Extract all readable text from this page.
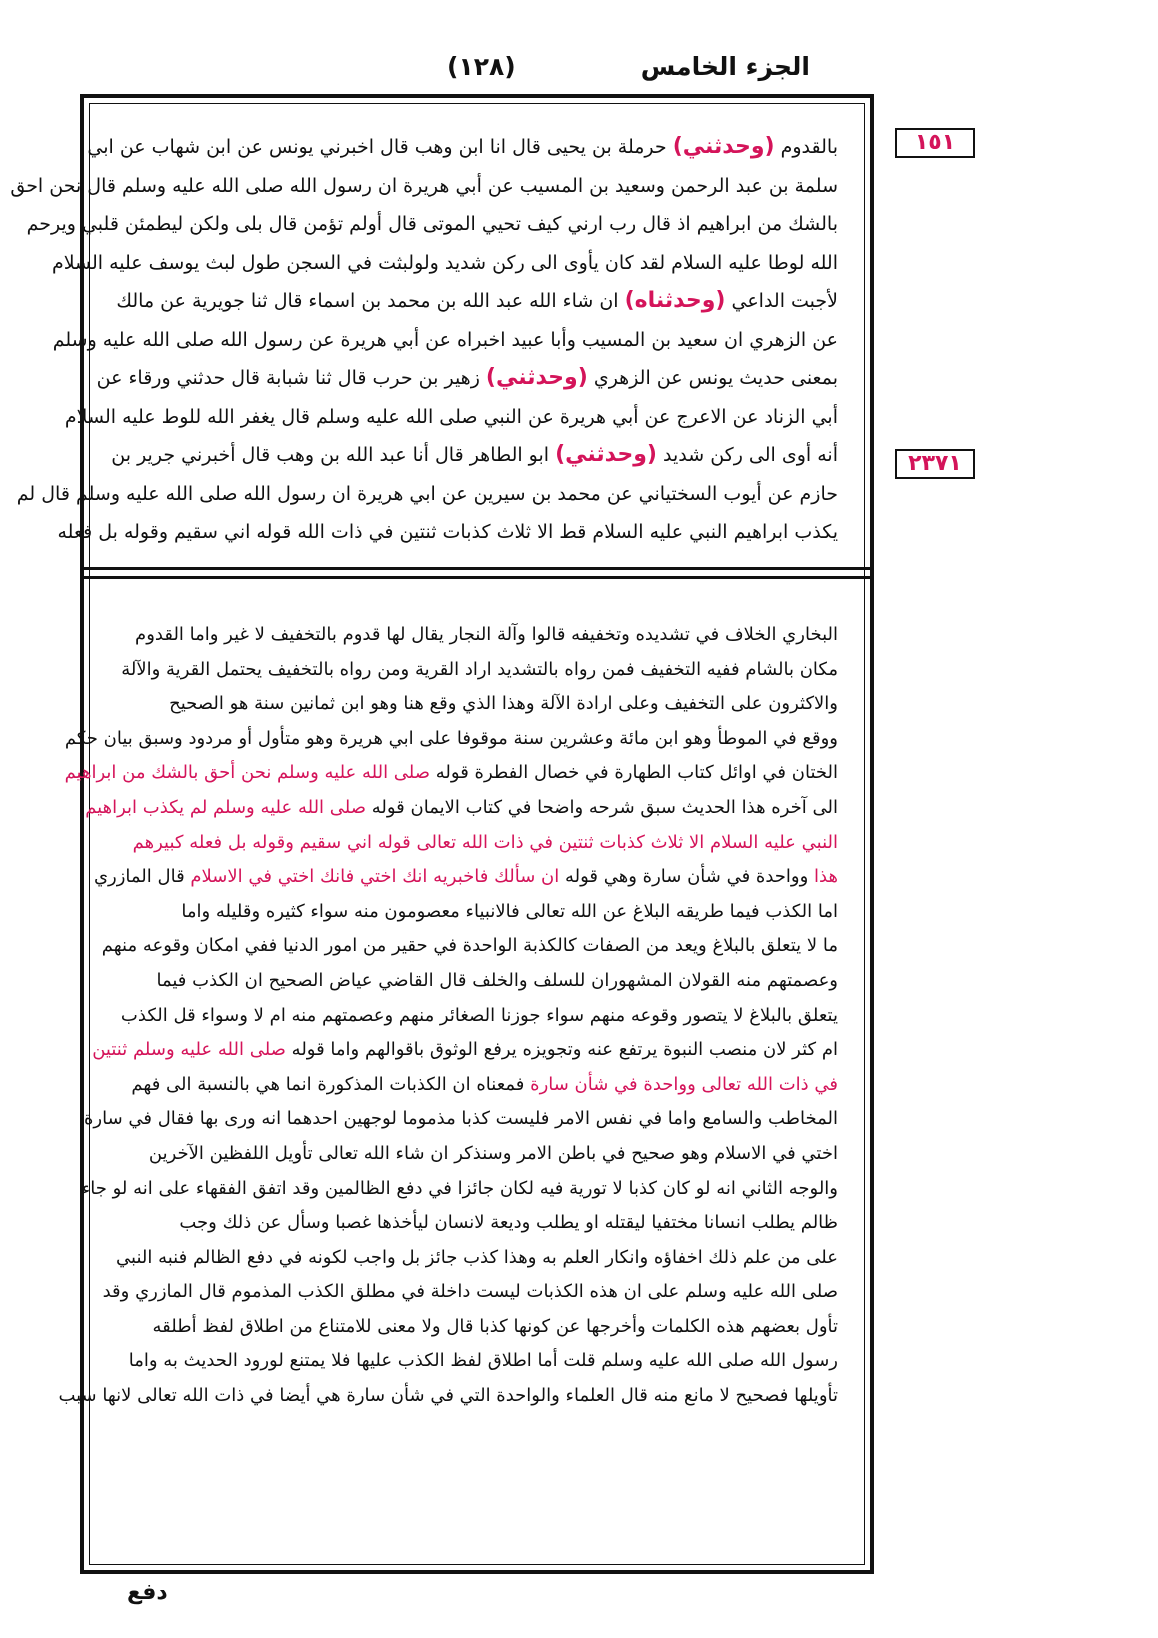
الجزء الخامس
(١٢٨)
١٥١
٢٣٧١
بالقدوم (وحدثني) حرملة بن يحيى قال انا ابن وهب قال اخبرني يونس عن ابن شهاب عن ابي
سلمة بن عبد الرحمن وسعيد بن المسيب عن أبي هريرة ان رسول الله صلى الله عليه وسلم قال نحن احق
بالشك من ابراهيم اذ قال رب ارني كيف تحيي الموتى قال أولم تؤمن قال بلى ولكن ليطمئن قلبي ويرحم
الله لوطا عليه السلام لقد كان يأوى الى ركن شديد ولولبثت في السجن طول لبث يوسف عليه السلام
لأجبت الداعي (وحدثناه) ان شاء الله عبد الله بن محمد بن اسماء قال ثنا جويرية عن مالك
عن الزهري ان سعيد بن المسيب وأبا عبيد اخبراه عن أبي هريرة عن رسول الله صلى الله عليه وسلم
بمعنى حديث يونس عن الزهري (وحدثني) زهير بن حرب قال ثنا شبابة قال حدثني ورقاء عن
أبي الزناد عن الاعرج عن أبي هريرة عن النبي صلى الله عليه وسلم قال يغفر الله للوط عليه السلام
أنه أوى الى ركن شديد (وحدثني) ابو الطاهر قال أنا عبد الله بن وهب قال أخبرني جرير بن
حازم عن أيوب السختياني عن محمد بن سيرين عن ابي هريرة ان رسول الله صلى الله عليه وسلم قال لم
يكذب ابراهيم النبي عليه السلام قط الا ثلاث كذبات ثنتين في ذات الله قوله اني سقيم وقوله بل فعله
البخاري الخلاف في تشديده وتخفيفه قالوا وآلة النجار يقال لها قدوم بالتخفيف لا غير واما القدوم
مكان بالشام ففيه التخفيف فمن رواه بالتشديد اراد القرية ومن رواه بالتخفيف يحتمل القرية والآلة
والاكثرون على التخفيف وعلى ارادة الآلة وهذا الذي وقع هنا وهو ابن ثمانين سنة هو الصحيح
ووقع في الموطأ وهو ابن مائة وعشرين سنة موقوفا على ابي هريرة وهو متأول أو مردود وسبق بيان حكم
الختان في اوائل كتاب الطهارة في خصال الفطرة قوله صلى الله عليه وسلم نحن أحق بالشك من ابراهيم
الى آخره هذا الحديث سبق شرحه واضحا في كتاب الايمان قوله صلى الله عليه وسلم لم يكذب ابراهيم
النبي عليه السلام الا ثلاث كذبات ثنتين في ذات الله تعالى قوله اني سقيم وقوله بل فعله كبيرهم
هذا وواحدة في شأن سارة وهي قوله ان سألك فاخبريه انك اختي فانك اختي في الاسلام قال المازري
اما الكذب فيما طريقه البلاغ عن الله تعالى فالانبياء معصومون منه سواء كثيره وقليله واما
ما لا يتعلق بالبلاغ ويعد من الصفات كالكذبة الواحدة في حقير من امور الدنيا ففي امكان وقوعه منهم
وعصمتهم منه القولان المشهوران للسلف والخلف قال القاضي عياض الصحيح ان الكذب فيما
يتعلق بالبلاغ لا يتصور وقوعه منهم سواء جوزنا الصغائر منهم وعصمتهم منه ام لا وسواء قل الكذب
ام كثر لان منصب النبوة يرتفع عنه وتجويزه يرفع الوثوق باقوالهم واما قوله صلى الله عليه وسلم ثنتين
في ذات الله تعالى وواحدة في شأن سارة فمعناه ان الكذبات المذكورة انما هي بالنسبة الى فهم
المخاطب والسامع واما في نفس الامر فليست كذبا مذموما لوجهين احدهما انه ورى بها فقال في سارة
اختي في الاسلام وهو صحيح في باطن الامر وسنذكر ان شاء الله تعالى تأويل اللفظين الآخرين
والوجه الثاني انه لو كان كذبا لا تورية فيه لكان جائزا في دفع الظالمين وقد اتفق الفقهاء على انه لو جاء
ظالم يطلب انسانا مختفيا ليقتله او يطلب وديعة لانسان ليأخذها غصبا وسأل عن ذلك وجب
على من علم ذلك اخفاؤه وانكار العلم به وهذا كذب جائز بل واجب لكونه في دفع الظالم فنبه النبي
صلى الله عليه وسلم على ان هذه الكذبات ليست داخلة في مطلق الكذب المذموم قال المازري وقد
تأول بعضهم هذه الكلمات وأخرجها عن كونها كذبا قال ولا معنى للامتناع من اطلاق لفظ أطلقه
رسول الله صلى الله عليه وسلم قلت أما اطلاق لفظ الكذب عليها فلا يمتنع لورود الحديث به واما
تأويلها فصحيح لا مانع منه قال العلماء والواحدة التي في شأن سارة هي أيضا في ذات الله تعالى لانها سبب
دفع
